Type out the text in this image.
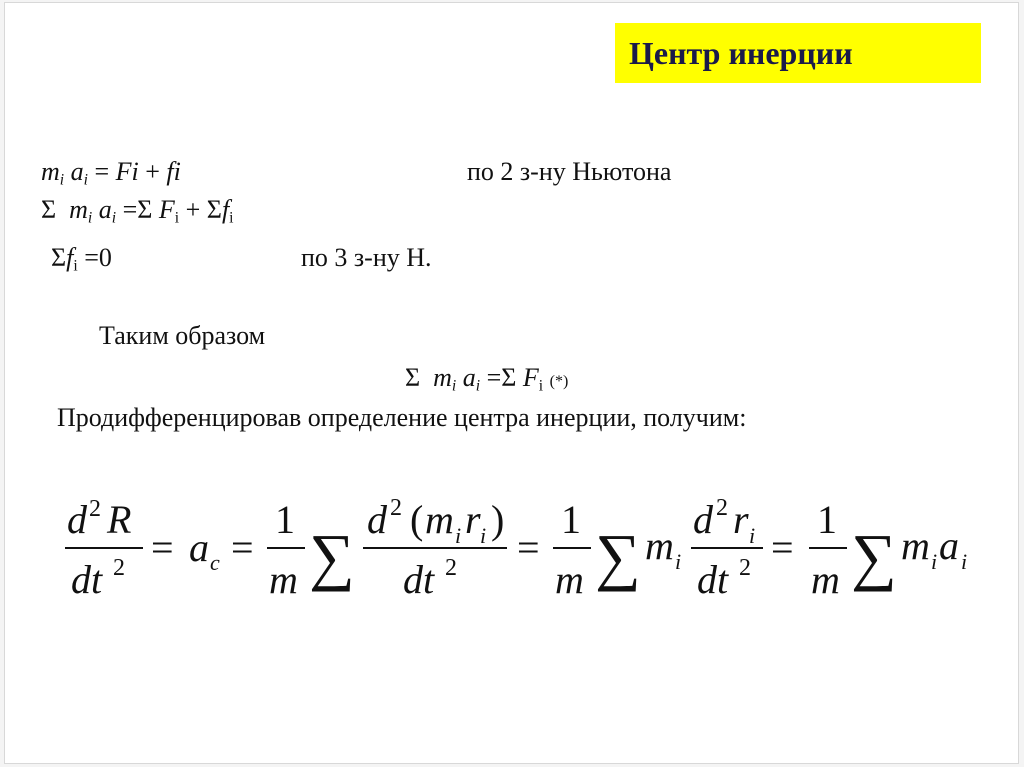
Центр инерции
$m_i$ $a_i = Fi$ + fi	по 2 з-ну Ньютона
Σ  $m_i$ $a_i =\Sigma$ $F_i + \Sigma f_i$
$\Sigma f_i =0$	по 3 з-ну Н.
Таким образом
Σ  $m_i$ $a_i =\Sigma$ $F_i$ (*)
Продифференцировав определение центра инерции, получим:
d 2 R
dt 2 = a c =
1
m ∑
d 2 ( m i r i )
dt 2 =
1
m ∑ m i
d 2 r i
dt 2 =
1
m ∑ m i a i
